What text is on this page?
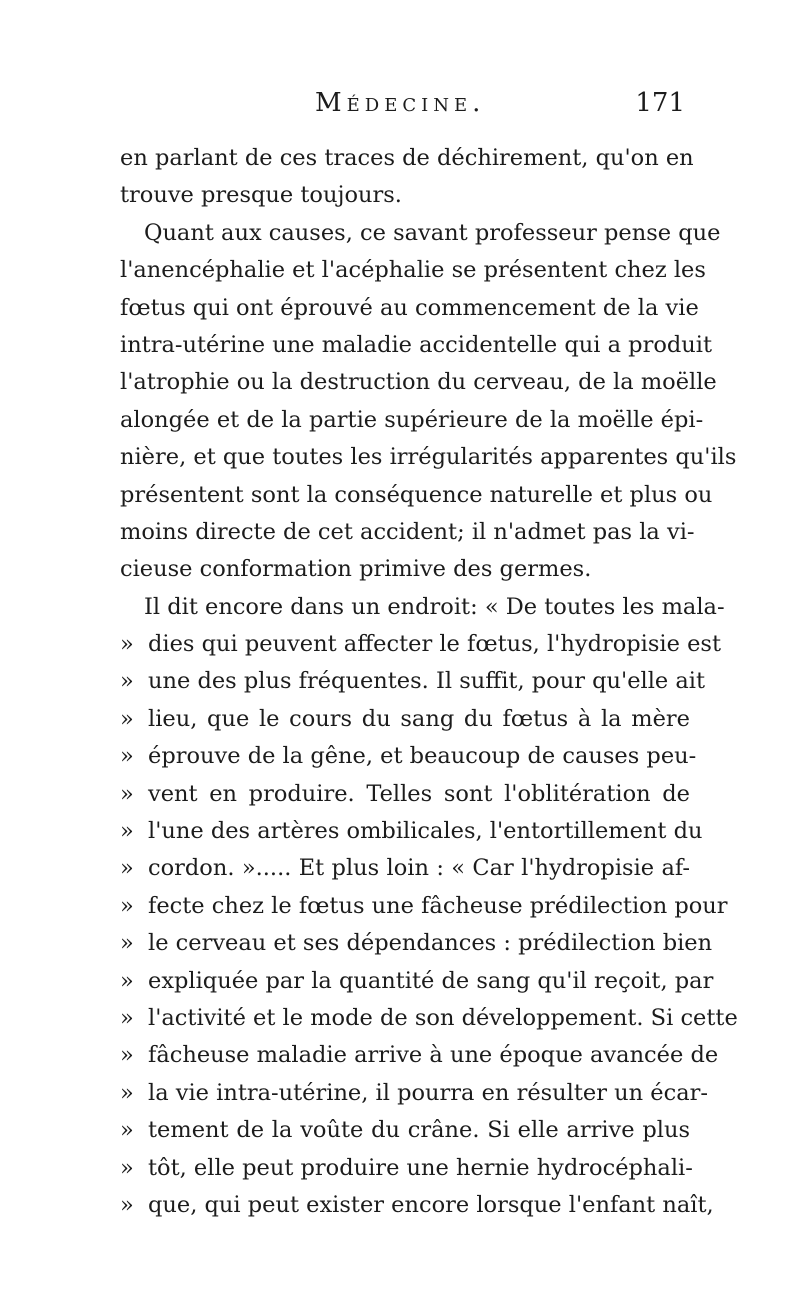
Médecine.	171
en parlant de ces traces de déchirement, qu'on en
trouve presque toujours.
Quant aux causes, ce savant professeur pense que
l'anencéphalie et l'acéphalie se présentent chez les
fœtus qui ont éprouvé au commencement de la vie
intra-utérine une maladie accidentelle qui a produit
l'atrophie ou la destruction du cerveau, de la moëlle
alongée et de la partie supérieure de la moëlle épi-
nière, et que toutes les irrégularités apparentes qu'ils
présentent sont la conséquence naturelle et plus ou
moins directe de cet accident; il n'admet pas la vi-
cieuse conformation primive des germes.
Il dit encore dans un endroit: « De toutes les mala-
» dies qui peuvent affecter le fœtus, l'hydropisie est
» une des plus fréquentes. Il suffit, pour qu'elle ait
» lieu, que le cours du sang du fœtus à la mère
» éprouve de la gêne, et beaucoup de causes peu-
» vent en produire. Telles sont l'oblitération de
» l'une des artères ombilicales, l'entortillement du
» cordon. »..... Et plus loin : « Car l'hydropisie af-
» fecte chez le fœtus une fâcheuse prédilection pour
» le cerveau et ses dépendances : prédilection bien
» expliquée par la quantité de sang qu'il reçoit, par
» l'activité et le mode de son développement. Si cette
» fâcheuse maladie arrive à une époque avancée de
» la vie intra-utérine, il pourra en résulter un écar-
» tement de la voûte du crâne. Si elle arrive plus
» tôt, elle peut produire une hernie hydrocéphali-
» que, qui peut exister encore lorsque l'enfant naît,
